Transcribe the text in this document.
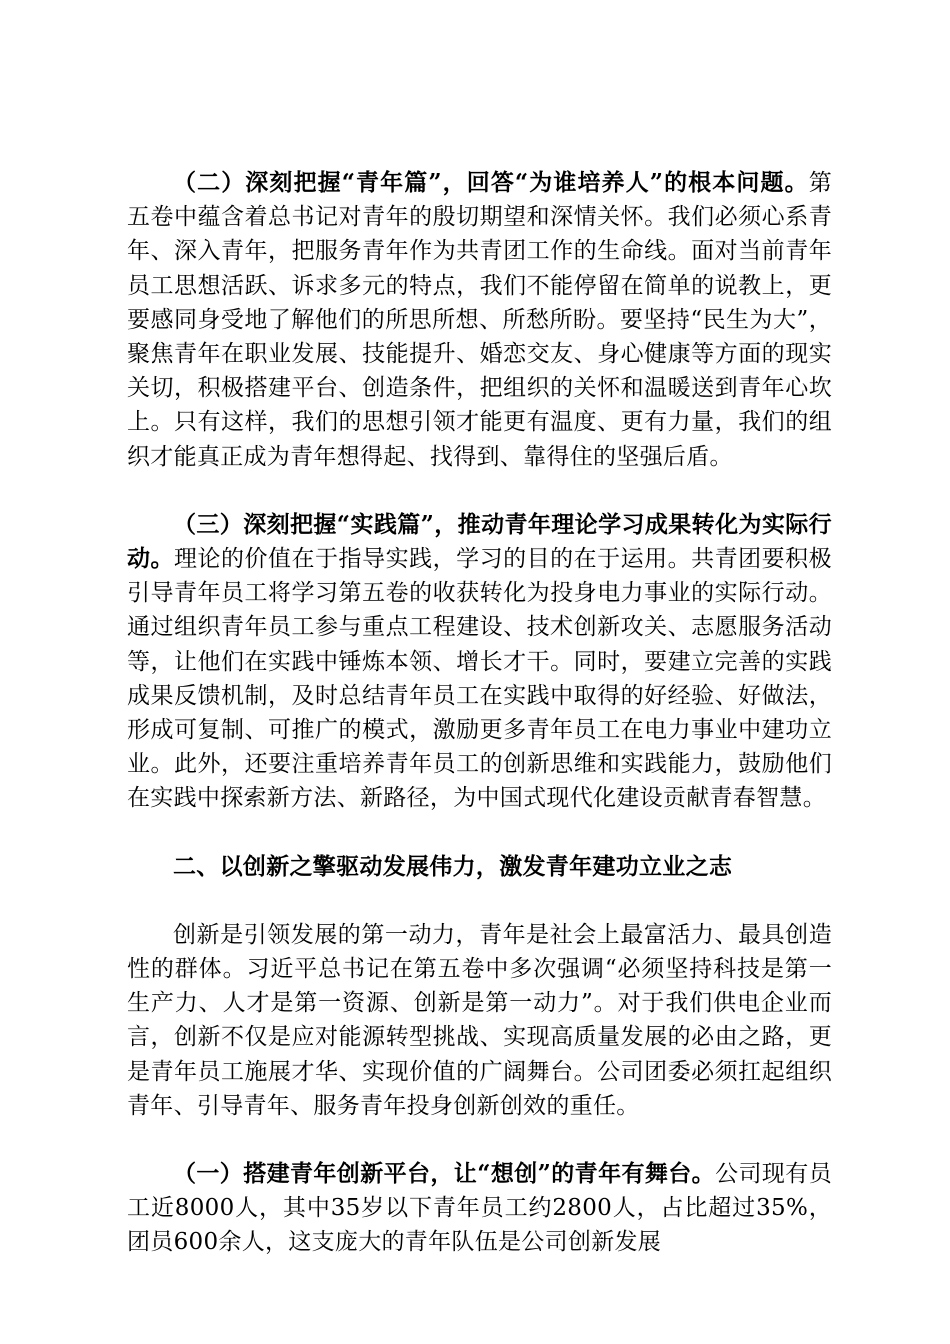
（二）深刻把握“青年篇”，回答“为谁培养人”的根本问题。第五卷中蕴含着总书记对青年的殷切期望和深情关怀。我们必须心系青年、深入青年，把服务青年作为共青团工作的生命线。面对当前青年员工思想活跃、诉求多元的特点，我们不能停留在简单的说教上，更要感同身受地了解他们的所思所想、所愁所盼。要坚持“民生为大”，聚焦青年在职业发展、技能提升、婚恋交友、身心健康等方面的现实关切，积极搭建平台、创造条件，把组织的关怀和温暖送到青年心坎上。只有这样，我们的思想引领才能更有温度、更有力量，我们的组织才能真正成为青年想得起、找得到、靠得住的坚强后盾。

（三）深刻把握“实践篇”，推动青年理论学习成果转化为实际行动。理论的价值在于指导实践，学习的目的在于运用。共青团要积极引导青年员工将学习第五卷的收获转化为投身电力事业的实际行动。通过组织青年员工参与重点工程建设、技术创新攻关、志愿服务活动等，让他们在实践中锤炼本领、增长才干。同时，要建立完善的实践成果反馈机制，及时总结青年员工在实践中取得的好经验、好做法，形成可复制、可推广的模式，激励更多青年员工在电力事业中建功立业。此外，还要注重培养青年员工的创新思维和实践能力，鼓励他们在实践中探索新方法、新路径，为中国式现代化建设贡献青春智慧。

二、以创新之擎驱动发展伟力，激发青年建功立业之志

创新是引领发展的第一动力，青年是社会上最富活力、最具创造性的群体。习近平总书记在第五卷中多次强调“必须坚持科技是第一生产力、人才是第一资源、创新是第一动力”。对于我们供电企业而言，创新不仅是应对能源转型挑战、实现高质量发展的必由之路，更是青年员工施展才华、实现价值的广阔舞台。公司团委必须扛起组织青年、引导青年、服务青年投身创新创效的重任。

（一）搭建青年创新平台，让“想创”的青年有舞台。公司现有员工近8000人，其中35岁以下青年员工约2800人，占比超过35%，团员600余人，这支庞大的青年队伍是公司创新发展
